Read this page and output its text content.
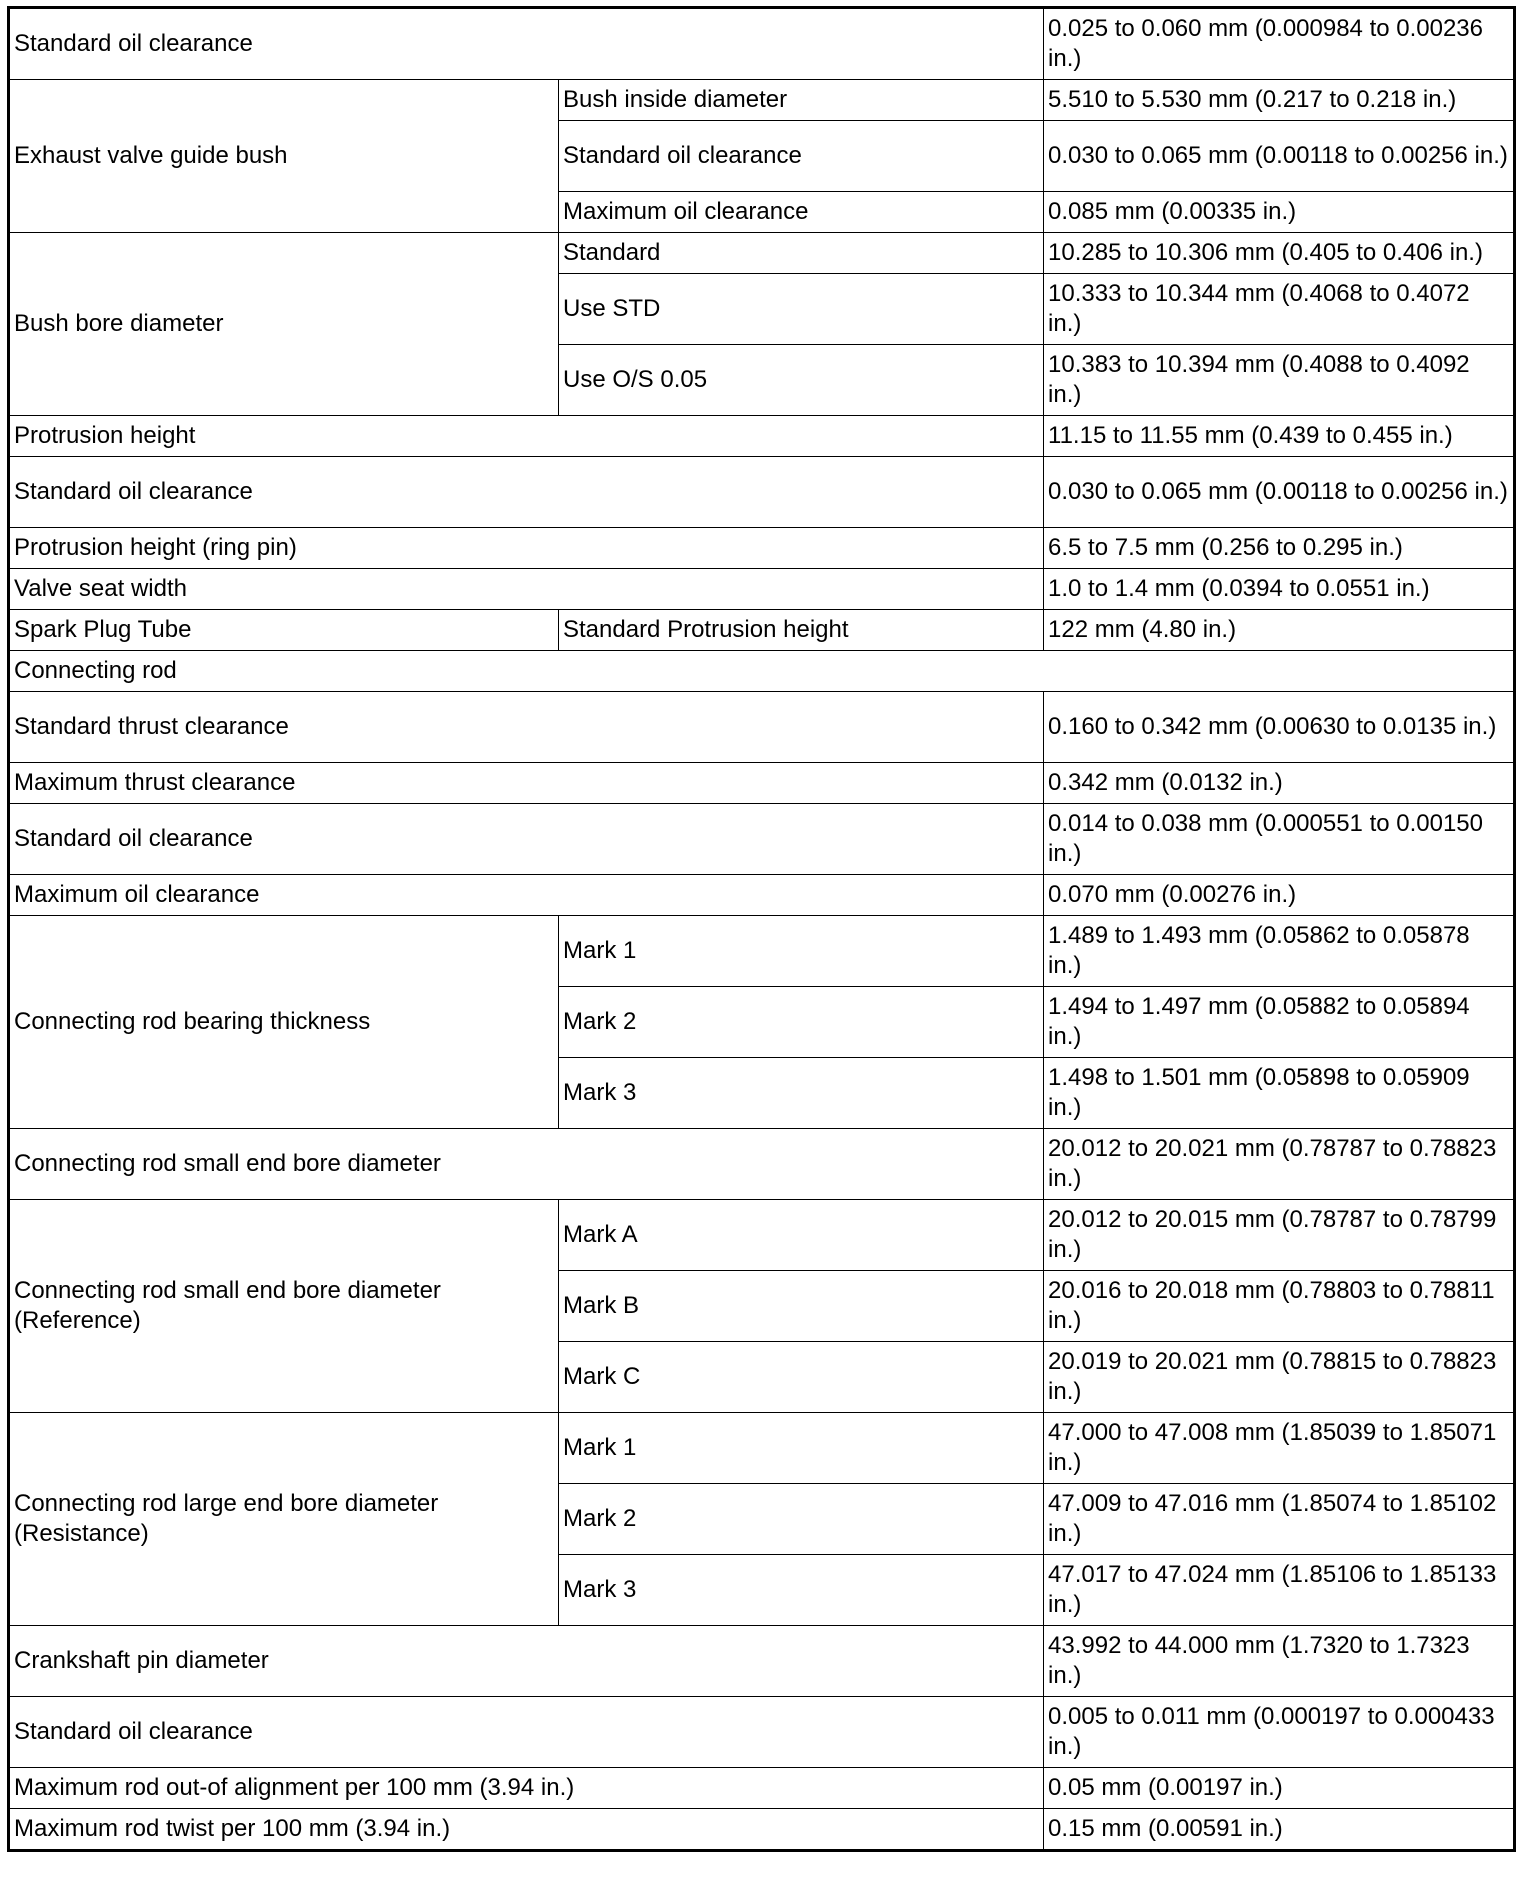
Standard oil clearance		0.025 to 0.060 mm (0.000984 to 0.00236 in.)
Exhaust valve guide bush	Bush inside diameter	5.510 to 5.530 mm (0.217 to 0.218 in.)
	Standard oil clearance	0.030 to 0.065 mm (0.00118 to 0.00256 in.)
	Maximum oil clearance	0.085 mm (0.00335 in.)
Bush bore diameter	Standard	10.285 to 10.306 mm (0.405 to 0.406 in.)
	Use STD	10.333 to 10.344 mm (0.4068 to 0.4072 in.)
	Use O/S 0.05	10.383 to 10.394 mm (0.4088 to 0.4092 in.)
Protrusion height		11.15 to 11.55 mm (0.439 to 0.455 in.)
Standard oil clearance		0.030 to 0.065 mm (0.00118 to 0.00256 in.)
Protrusion height (ring pin)		6.5 to 7.5 mm (0.256 to 0.295 in.)
Valve seat width		1.0 to 1.4 mm (0.0394 to 0.0551 in.)
Spark Plug Tube	Standard Protrusion height	122 mm (4.80 in.)
Connecting rod		
Standard thrust clearance		0.160 to 0.342 mm (0.00630 to 0.0135 in.)
Maximum thrust clearance		0.342 mm (0.0132 in.)
Standard oil clearance		0.014 to 0.038 mm (0.000551 to 0.00150 in.)
Maximum oil clearance		0.070 mm (0.00276 in.)
Connecting rod bearing thickness	Mark 1	1.489 to 1.493 mm (0.05862 to 0.05878 in.)
	Mark 2	1.494 to 1.497 mm (0.05882 to 0.05894 in.)
	Mark 3	1.498 to 1.501 mm (0.05898 to 0.05909 in.)
Connecting rod small end bore diameter		20.012 to 20.021 mm (0.78787 to 0.78823 in.)
Connecting rod small end bore diameter (Reference)	Mark A	20.012 to 20.015 mm (0.78787 to 0.78799 in.)
	Mark B	20.016 to 20.018 mm (0.78803 to 0.78811 in.)
	Mark C	20.019 to 20.021 mm (0.78815 to 0.78823 in.)
Connecting rod large end bore diameter (Resistance)	Mark 1	47.000 to 47.008 mm (1.85039 to 1.85071 in.)
	Mark 2	47.009 to 47.016 mm (1.85074 to 1.85102 in.)
	Mark 3	47.017 to 47.024 mm (1.85106 to 1.85133 in.)
Crankshaft pin diameter		43.992 to 44.000 mm (1.7320 to 1.7323 in.)
Standard oil clearance		0.005 to 0.011 mm (0.000197 to 0.000433 in.)
Maximum rod out-of alignment per 100 mm (3.94 in.)		0.05 mm (0.00197 in.)
Maximum rod twist per 100 mm (3.94 in.)		0.15 mm (0.00591 in.)
